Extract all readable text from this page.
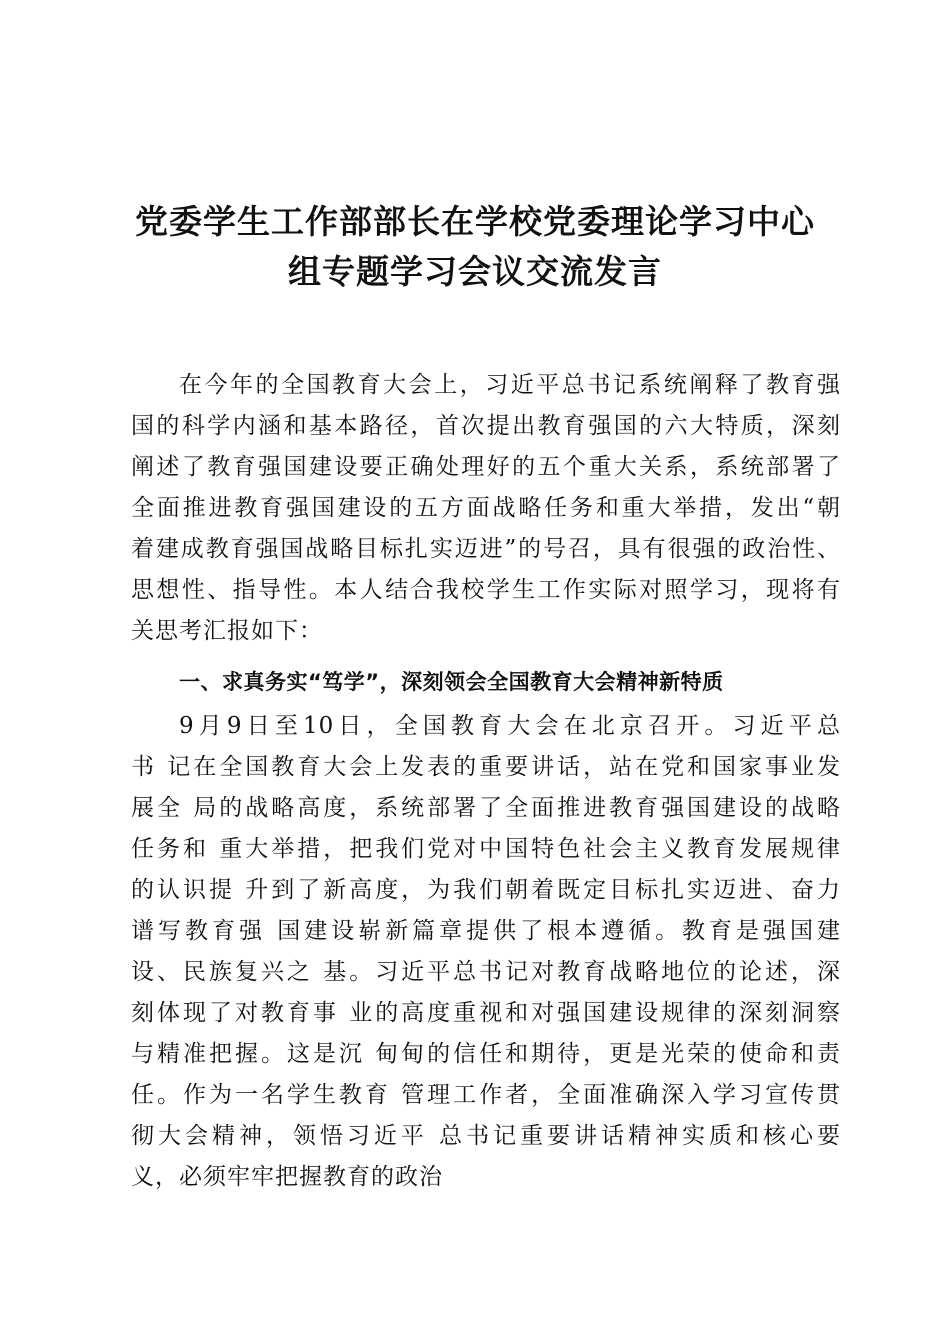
党委学生工作部部长在学校党委理论学习中心
组专题学习会议交流发言
在今年的全国教育大会上，习近平总书记系统阐释了教育强
国的科学内涵和基本路径，首次提出教育强国的六大特质，深刻
阐述了教育强国建设要正确处理好的五个重大关系，系统部署了
全面推进教育强国建设的五方面战略任务和重大举措，发出“朝
着建成教育强国战略目标扎实迈进”的号召，具有很强的政治性、
思想性、指导性。本人结合我校学生工作实际对照学习，现将有
关思考汇报如下：
一、求真务实“笃学”，深刻领会全国教育大会精神新特质
9月9日至10日，全国教育大会在北京召开。习近平总
书 记在全国教育大会上发表的重要讲话，站在党和国家事业发
展全 局的战略高度，系统部署了全面推进教育强国建设的战略
任务和 重大举措，把我们党对中国特色社会主义教育发展规律
的认识提 升到了新高度，为我们朝着既定目标扎实迈进、奋力
谱写教育强 国建设崭新篇章提供了根本遵循。教育是强国建
设、民族复兴之 基。习近平总书记对教育战略地位的论述，深
刻体现了对教育事 业的高度重视和对强国建设规律的深刻洞察
与精准把握。这是沉 甸甸的信任和期待，更是光荣的使命和责
任。作为一名学生教育 管理工作者，全面准确深入学习宣传贯
彻大会精神，领悟习近平 总书记重要讲话精神实质和核心要
义，必须牢牢把握教育的政治
